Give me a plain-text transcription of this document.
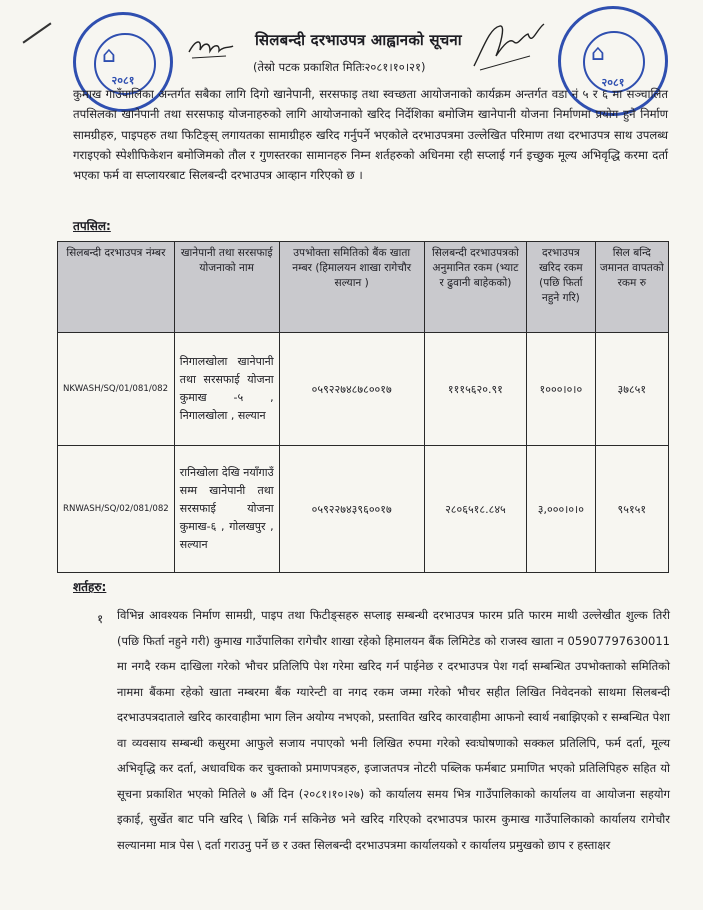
⌂
२०८१
सिलबन्दी दरभाउपत्र आह्वानको सूचना
(तेस्रो पटक प्रकाशित मितिः२०८१।१०।२१)
⌂
२०८१
कुमाख गाउँपालिका अन्तर्गत सबैका लागि दिगो खानेपानी, सरसफाइ तथा स्वच्छता आयोजनाको कार्यक्रम अन्तर्गत वडा नं ५ र ६ मा सञ्चालित तपसिलका खानेपानी तथा सरसफाइ योजनाहरुको लागि आयोजनाको खरिद निर्देशिका बमोजिम खानेपानी योजना निर्माणमा प्रयोग हुने निर्माण सामग्रीहरु, पाइपहरु तथा फिटिङ्स् लगायतका सामाग्रीहरु खरिद गर्नुपर्ने भएकोले दरभाउपत्रमा उल्लेखित परिमाण तथा दरभाउपत्र साथ उपलब्ध गराइएको स्पेशीफिकेशन बमोजिमको तौल र गुणस्तरका सामानहरु निम्न शर्तहरुको अधिनमा रही सप्लाई गर्न इच्छुक मूल्य अभिवृद्धि करमा दर्ता भएका फर्म वा सप्लायरबाट सिलबन्दी दरभाउपत्र आव्हान गरिएको छ ।
तपसिल:
सिलबन्दी दरभाउपत्र नंम्बर	खानेपानी तथा सरसफाई योजनाको नाम	उपभोक्ता समितिको बैंक खाता नम्बर (हिमालयन शाखा रागेचौर सल्यान )	सिलबन्दी दरभाउपत्रको अनुमानित रकम (भ्याट र ढुवानी बाहेकको)	दरभाउपत्र खरिद रकम (पछि फिर्ता नहुने गरि)	सिल बन्दि जमानत वापतको रकम रु
NKWASH/SQ/01/081/082	निगालखोला खानेपानी तथा सरसफाई योजना कुमाख -५ , निगालखोला , सल्यान	०५९२२७४८७८००१७	१११५६२०.९१	१०००।०।०	३७८५१
RNWASH/SQ/02/081/082	रानिखोला देखि नयाँगाउँ सम्म खानेपानी तथा सरसफाई योजना कुमाख-६ , गोलखपुर , सल्यान	०५९२२७४३९६००१७	२८०६५१८.८४५	३,०००।०।०	९५१५१
शर्तहरु:
१ विभिन्न आवश्यक निर्माण सामग्री, पाइप तथा फिटीङ्सहरु सप्लाइ सम्बन्धी दरभाउपत्र फारम प्रति फारम माथी उल्लेखीत शुल्क तिरी (पछि फिर्ता नहुने गरी) कुमाख गाउँपालिका रागेचौर शाखा रहेको हिमालयन बैंक लिमिटेड को राजस्व खाता न 05907797630011 मा नगदै रकम दाखिला गरेको भौचर प्रतिलिपि पेश गरेमा खरिद गर्न पाईनेछ र दरभाउपत्र पेश गर्दा सम्बन्धित उपभोक्ताको समितिको नाममा बैंकमा रहेको खाता नम्बरमा बैंक ग्यारेन्टी वा नगद रकम जम्मा गरेको भौचर सहीत लिखित निवेदनको साथमा सिलबन्दी दरभाउपत्रदाताले खरिद कारवाहीमा भाग लिन अयोग्य नभएको, प्रस्तावित खरिद कारवाहीमा आफनो स्वार्थ नबाझिएको र सम्बन्धित पेशा वा व्यवसाय सम्बन्धी कसुरमा आफुले सजाय नपाएको भनी लिखित रुपमा गरेको स्वःघोषणाको सक्कल प्रतिलिपि, फर्म दर्ता, मूल्य अभिवृद्धि कर दर्ता, अधावधिक कर चुक्ताको प्रमाणपत्रहरु, इजाजतपत्र नोटरी पब्लिक फर्मबाट प्रमाणित भएको प्रतिलिपिहरु सहित यो सूचना प्रकाशित भएको मितिले ७ औं दिन (२०८१।१०।२७) को कार्यालय समय भित्र गाउँपालिकाको कार्यालय वा आयोजना सहयोग इकाई, सुर्खेत बाट पनि खरिद \ बिक्रि गर्न सकिनेछ भने खरिद गरिएको दरभाउपत्र फारम कुमाख गाउँपालिकाको कार्यालय रागेचौर सल्यानमा मात्र पेस \ दर्ता गराउनु पर्ने छ र उक्त सिलबन्दी दरभाउपत्रमा कार्यालयको र कार्यालय प्रमुखको छाप र हस्ताक्षर
